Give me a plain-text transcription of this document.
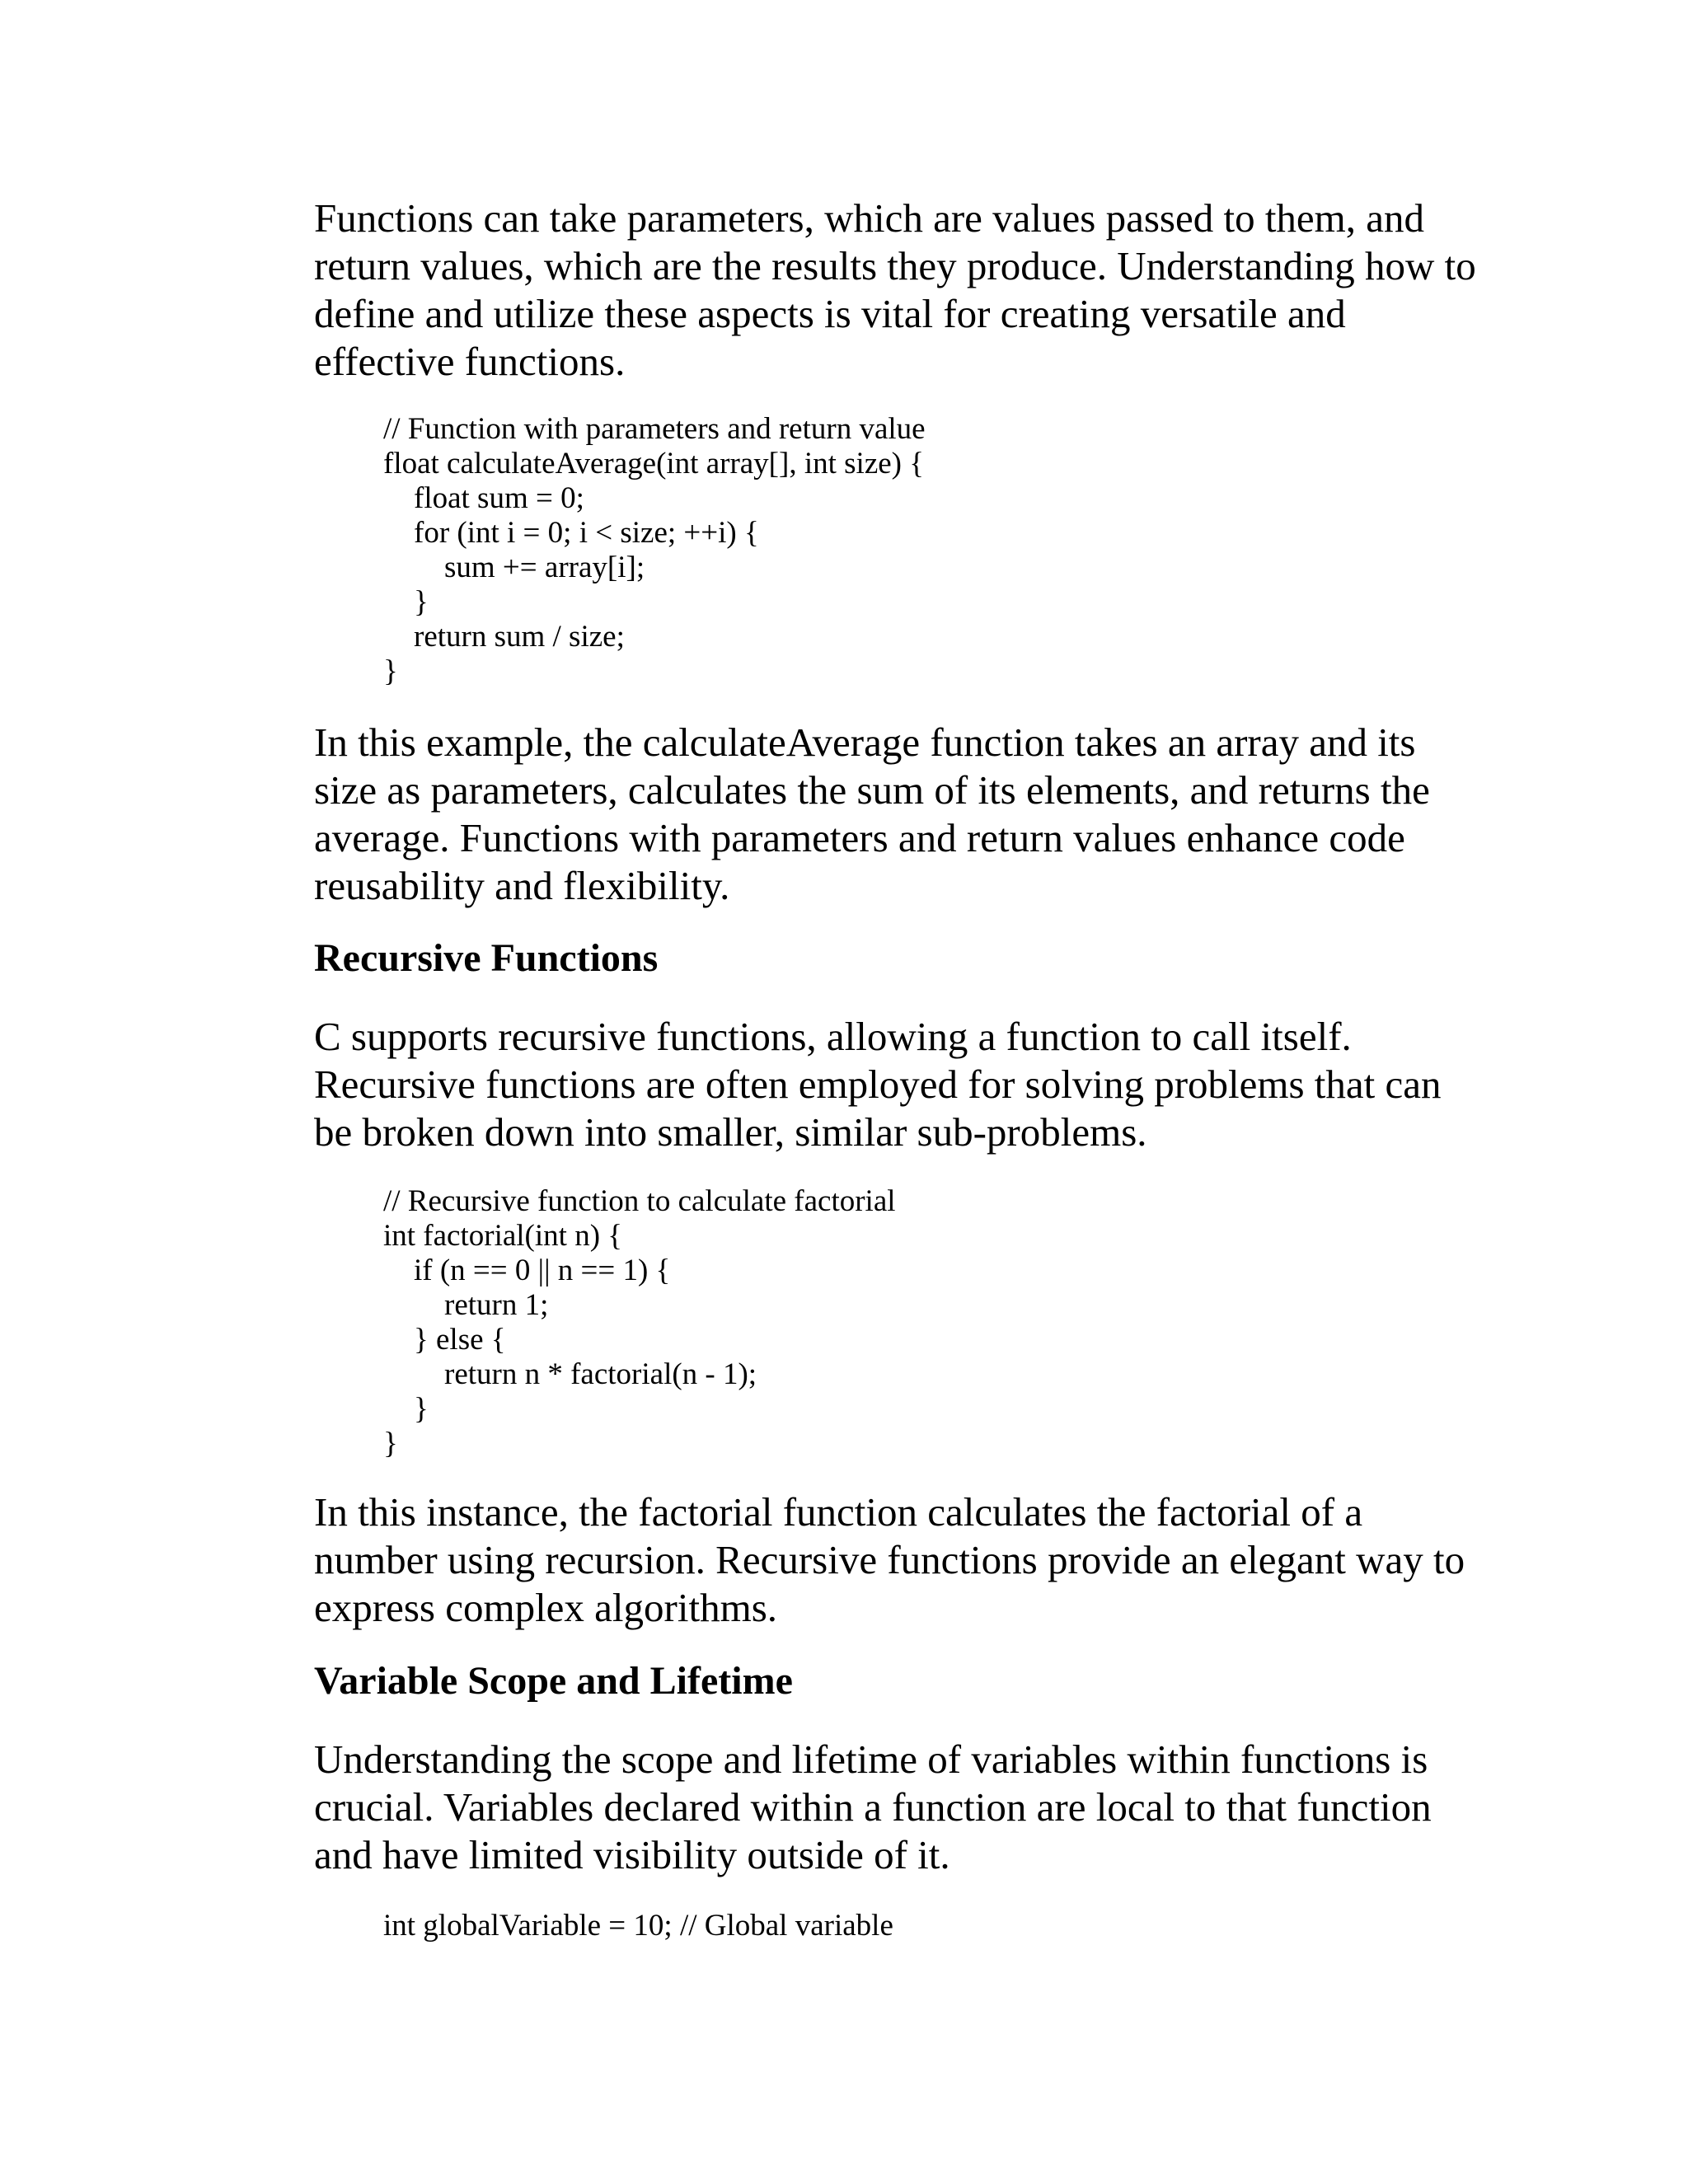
Functions can take parameters, which are values passed to them, and return values, which are the results they produce. Understanding how to define and utilize these aspects is vital for creating versatile and effective functions.

// Function with parameters and return value
float calculateAverage(int array[], int size) {
float sum = 0;
for (int i = 0; i < size; ++i) {
sum += array[i];
}
return sum / size;
}

In this example, the calculateAverage function takes an array and its size as parameters, calculates the sum of its elements, and returns the average. Functions with parameters and return values enhance code reusability and flexibility.

Recursive Functions

C supports recursive functions, allowing a function to call itself. Recursive functions are often employed for solving problems that can be broken down into smaller, similar sub-problems.

// Recursive function to calculate factorial
int factorial(int n) {
if (n == 0 || n == 1) {
return 1;
} else {
return n * factorial(n - 1);
}
}

In this instance, the factorial function calculates the factorial of a number using recursion. Recursive functions provide an elegant way to express complex algorithms.

Variable Scope and Lifetime

Understanding the scope and lifetime of variables within functions is crucial. Variables declared within a function are local to that function and have limited visibility outside of it.

int globalVariable = 10; // Global variable
